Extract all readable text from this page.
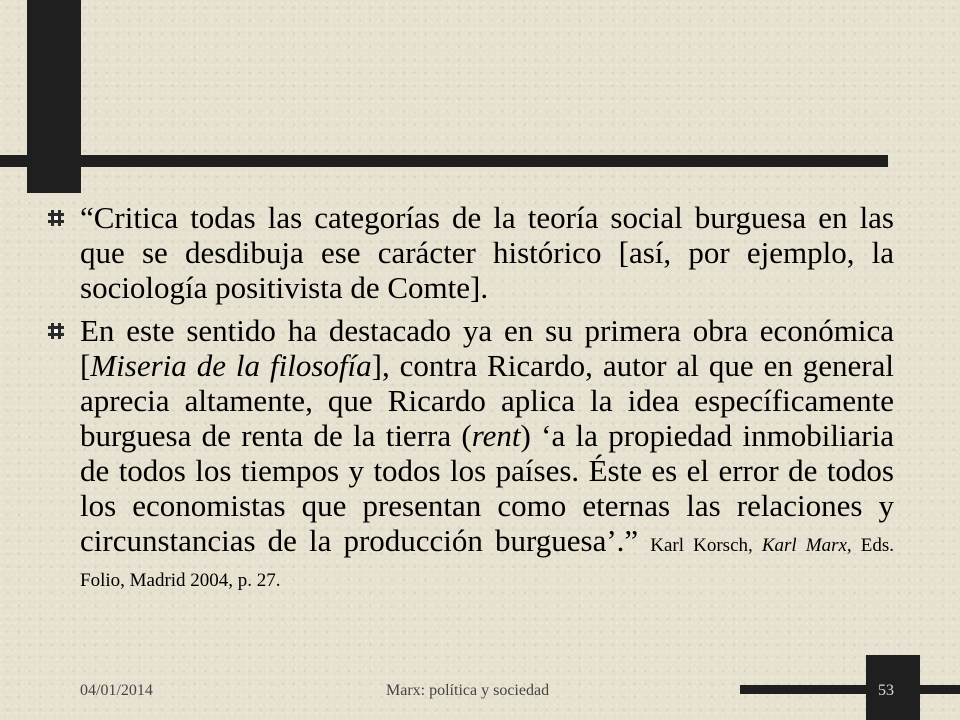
“Critica todas las categorías de la teoría social burguesa en las que se desdibuja ese carácter histórico [así, por ejemplo, la sociología positivista de Comte].
En este sentido ha destacado ya en su primera obra económica [Miseria de la filosofía], contra Ricardo, autor al que en general aprecia altamente, que Ricardo aplica la idea específicamente burguesa de renta de la tierra (rent) ‘a la propiedad inmobiliaria de todos los tiempos y todos los países. Éste es el error de todos los economistas que presentan como eternas las relaciones y circunstancias de la producción burguesa’.” Karl Korsch, Karl Marx, Eds. Folio, Madrid 2004, p. 27.
04/01/2014	Marx: política y sociedad	53
